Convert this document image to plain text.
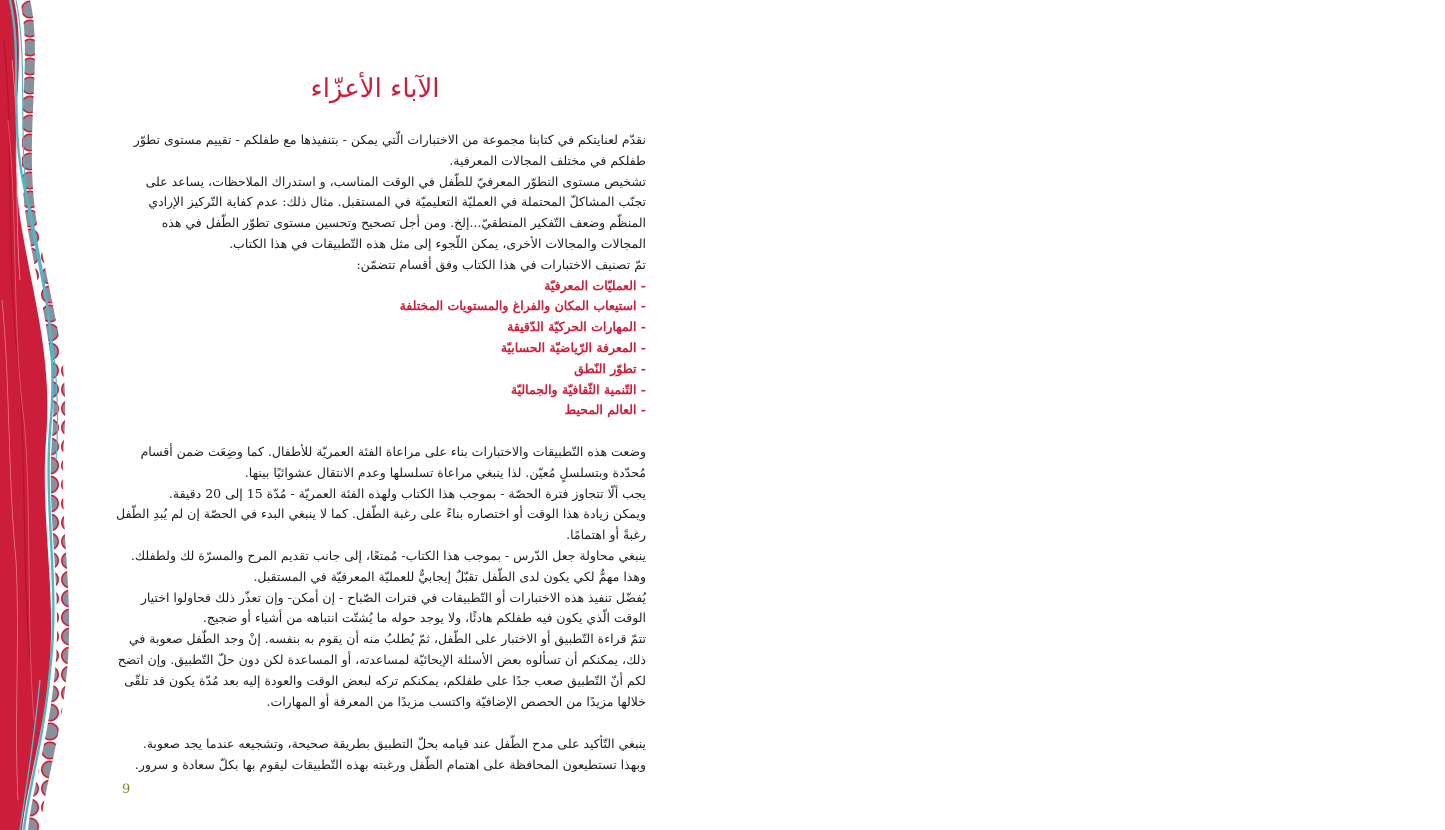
الآباء الأعزّاء

نقدّم لعنايتكم في كتابنا مجموعة من الاختبارات الّتي يمكن - بتنفيذها مع طفلكم - تقييم مستوى تطوّر طفلكم في مختلف المجالات المعرفية.

تشخيص مستوى التطوّر المعرفيّ للطّفل في الوقت المناسب، و استدراك الملاحظات، يساعد على تجنّب المشاكلّ المحتملة في العمليّة التعليميّة في المستقبل. مثال ذلك: عدم كفاية التّركيز الإرادي المنظّم وضعف التّفكير المنطقيّ...إلخ. ومن أجل تصحيح وتحسين مستوى تطوّر الطّفل في هذه المجالات والمجالات الأخرى، يمكن اللّجوء إلى مثل هذه التّطبيقات في هذا الكتاب.

تمّ تصنيف الاختبارات في هذا الكتاب وفق أقسام تتضمّن:

- العمليّات المعرفيّة
- استيعاب المكان والفراغ والمستويات المختلفة
- المهارات الحركيّة الدّقيقة
- المعرفة الرّياضيّة الحسابيّة
- تطوّر النّطق
- التّنمية الثّقافيّة والجماليّة
- العالم المحيط

وضعت هذه التّطبيقات والاختبارات بناء على مراعاة الفئة العمريّة للأطفال. كما وضِعَت ضمن أقسام مُحدّدة وبتسلسلٍ مُعيّن. لذا ينبغي مراعاة تسلسلها وعدم الانتقال عشوائيًا بينها.

يجب ألّا تتجاوز فترة الحصّة - بموجب هذا الكتاب ولهذه الفئة العمريّة - مُدّة 15 إلى 20 دقيقة.

ويمكن زيادة هذا الوقت أو اختصاره بناءً على رغبة الطّفل. كما لا ينبغي البدء في الحصّة إن لم يُبدِ الطّفل رغبةً أو اهتمامًا.

ينبغي محاولة جعل الدّرس - بموجب هذا الكتاب- مُمتعًا، إلى جانب تقديم المرح والمسرّة لك ولطفلك. وهذا مهمٌّ لكي يكون لدى الطّفل تقبّلٌ إيجابيٌّ للعمليّة المعرفيّة في المستقبل.

يُفضّل تنفيذ هذه الاختبارات أو التّطبيقات في فترات الصّباح - إن أمكن- وإن تعذّر ذلك فحاولوا اختيار الوقت الّذي يكون فيه طفلكم هادئًا، ولا يوجد حوله ما يُشتّت انتباهه من أشياء أو ضجيج.

تتمّ قراءة التّطبيق أو الاختبار على الطّفل، ثمّ يُطلبُ منه أن يقوم به بنفسه. إنْ وجد الطّفل صعوبة في ذلك، يمكنكم أن تسألوه بعض الأسئلة الإيحائيّة لمساعدته، أو المساعدة لكن دون حلّ التّطبيق. وإن اتضح لكم أنّ التّطبيق صعب جدًا على طفلكم، يمكنكم تركه لبعض الوقت والعودة إليه بعد مُدّة يكون قد تلقّى خلالها مزيدًا من الحصص الإضافيّة واكتسب مزيدًا من المعرفة أو المهارات.

ينبغي التّأكيد على مدح الطّفل عند قيامه بحلّ التطبيق بطريقة صحيحة، وتشجيعه عندما يجد صعوبة.

وبهذا تستطيعون المحافظة على اهتمام الطّفل ورغبته بهذه التّطبيقات ليقوم بها بكلّ سعادة و سرور.

9
